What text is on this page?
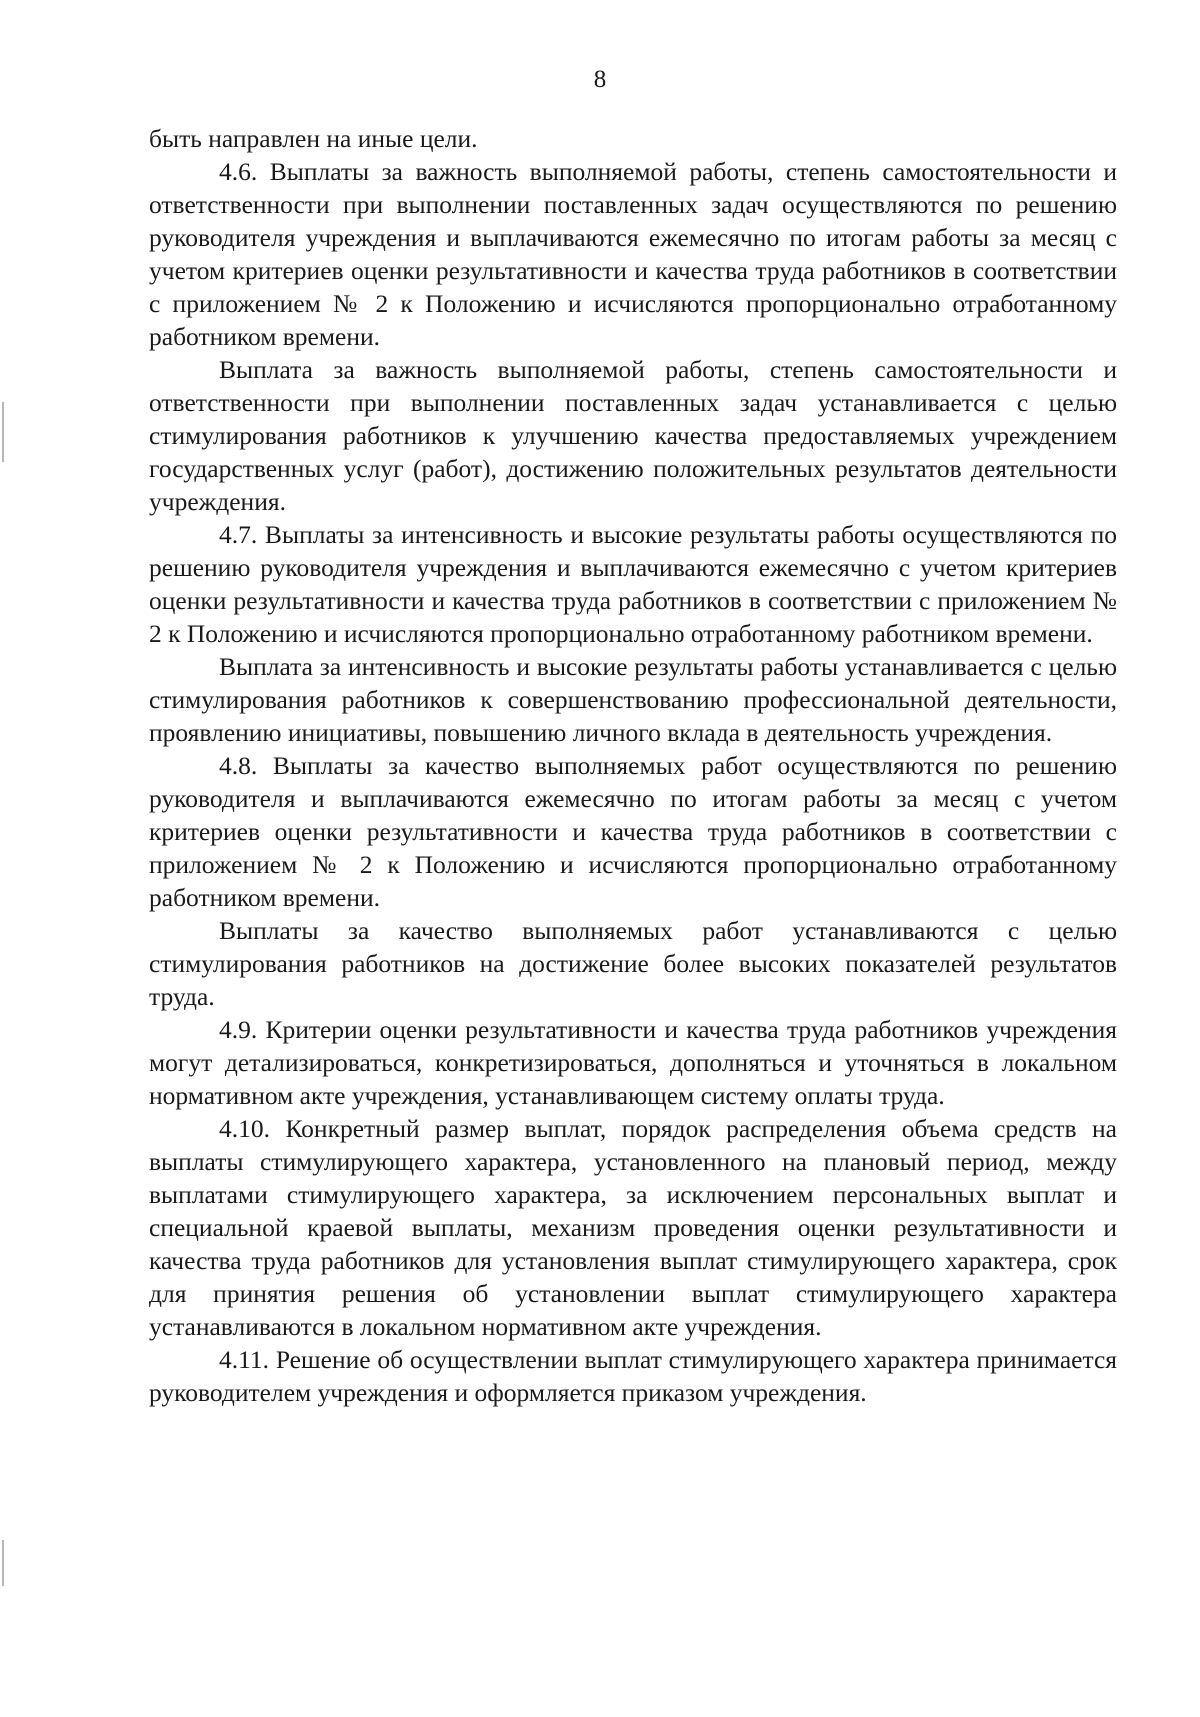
8

быть направлен на иные цели.

4.6. Выплаты за важность выполняемой работы, степень самостоятельности и ответственности при выполнении поставленных задач осуществляются по решению руководителя учреждения и выплачиваются ежемесячно по итогам работы за месяц с учетом критериев оценки результативности и качества труда работников в соответствии с приложением № 2 к Положению и исчисляются пропорционально отработанному работником времени.

Выплата за важность выполняемой работы, степень самостоятельности и ответственности при выполнении поставленных задач устанавливается с целью стимулирования работников к улучшению качества предоставляемых учреждением государственных услуг (работ), достижению положительных результатов деятельности учреждения.

4.7. Выплаты за интенсивность и высокие результаты работы осуществляются по решению руководителя учреждения и выплачиваются ежемесячно с учетом критериев оценки результативности и качества труда работников в соответствии с приложением № 2 к Положению и исчисляются пропорционально отработанному работником времени.

Выплата за интенсивность и высокие результаты работы устанавливается с целью стимулирования работников к совершенствованию профессиональной деятельности, проявлению инициативы, повышению личного вклада в деятельность учреждения.

4.8. Выплаты за качество выполняемых работ осуществляются по решению руководителя и выплачиваются ежемесячно по итогам работы за месяц с учетом критериев оценки результативности и качества труда работников в соответствии с приложением № 2 к Положению и исчисляются пропорционально отработанному работником времени.

Выплаты за качество выполняемых работ устанавливаются с целью стимулирования работников на достижение более высоких показателей результатов труда.

4.9. Критерии оценки результативности и качества труда работников учреждения могут детализироваться, конкретизироваться, дополняться и уточняться в локальном нормативном акте учреждения, устанавливающем систему оплаты труда.

4.10. Конкретный размер выплат, порядок распределения объема средств на выплаты стимулирующего характера, установленного на плановый период, между выплатами стимулирующего характера, за исключением персональных выплат и специальной краевой выплаты, механизм проведения оценки результативности и качества труда работников для установления выплат стимулирующего характера, срок для принятия решения об установлении выплат стимулирующего характера устанавливаются в локальном нормативном акте учреждения.

4.11. Решение об осуществлении выплат стимулирующего характера принимается руководителем учреждения и оформляется приказом учреждения.
